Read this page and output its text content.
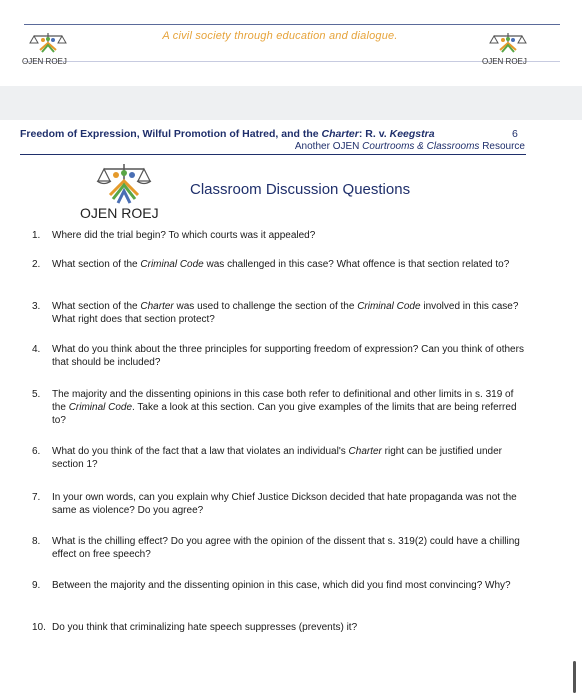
OJEN ROEJ
A civil society through education and dialogue.
OJEN ROEJ
Freedom of Expression, Wilful Promotion of Hatred, and the Charter: R. v. Keegstra	6
Another OJEN Courtrooms & Classrooms Resource
OJEN ROEJ
Classroom Discussion Questions
1. Where did the trial begin? To which courts was it appealed?
2. What section of the Criminal Code was challenged in this case? What offence is that section related to?
3. What section of the Charter was used to challenge the section of the Criminal Code involved in this case? What right does that section protect?
4. What do you think about the three principles for supporting freedom of expression? Can you think of others that should be included?
5. The majority and the dissenting opinions in this case both refer to definitional and other limits in s. 319 of the Criminal Code. Take a look at this section. Can you give examples of the limits that are being referred to?
6. What do you think of the fact that a law that violates an individual's Charter right can be justified under section 1?
7. In your own words, can you explain why Chief Justice Dickson decided that hate propaganda was not the same as violence? Do you agree?
8. What is the chilling effect? Do you agree with the opinion of the dissent that s. 319(2) could have a chilling effect on free speech?
9. Between the majority and the dissenting opinion in this case, which did you find most convincing? Why?
10. Do you think that criminalizing hate speech suppresses (prevents) it?
